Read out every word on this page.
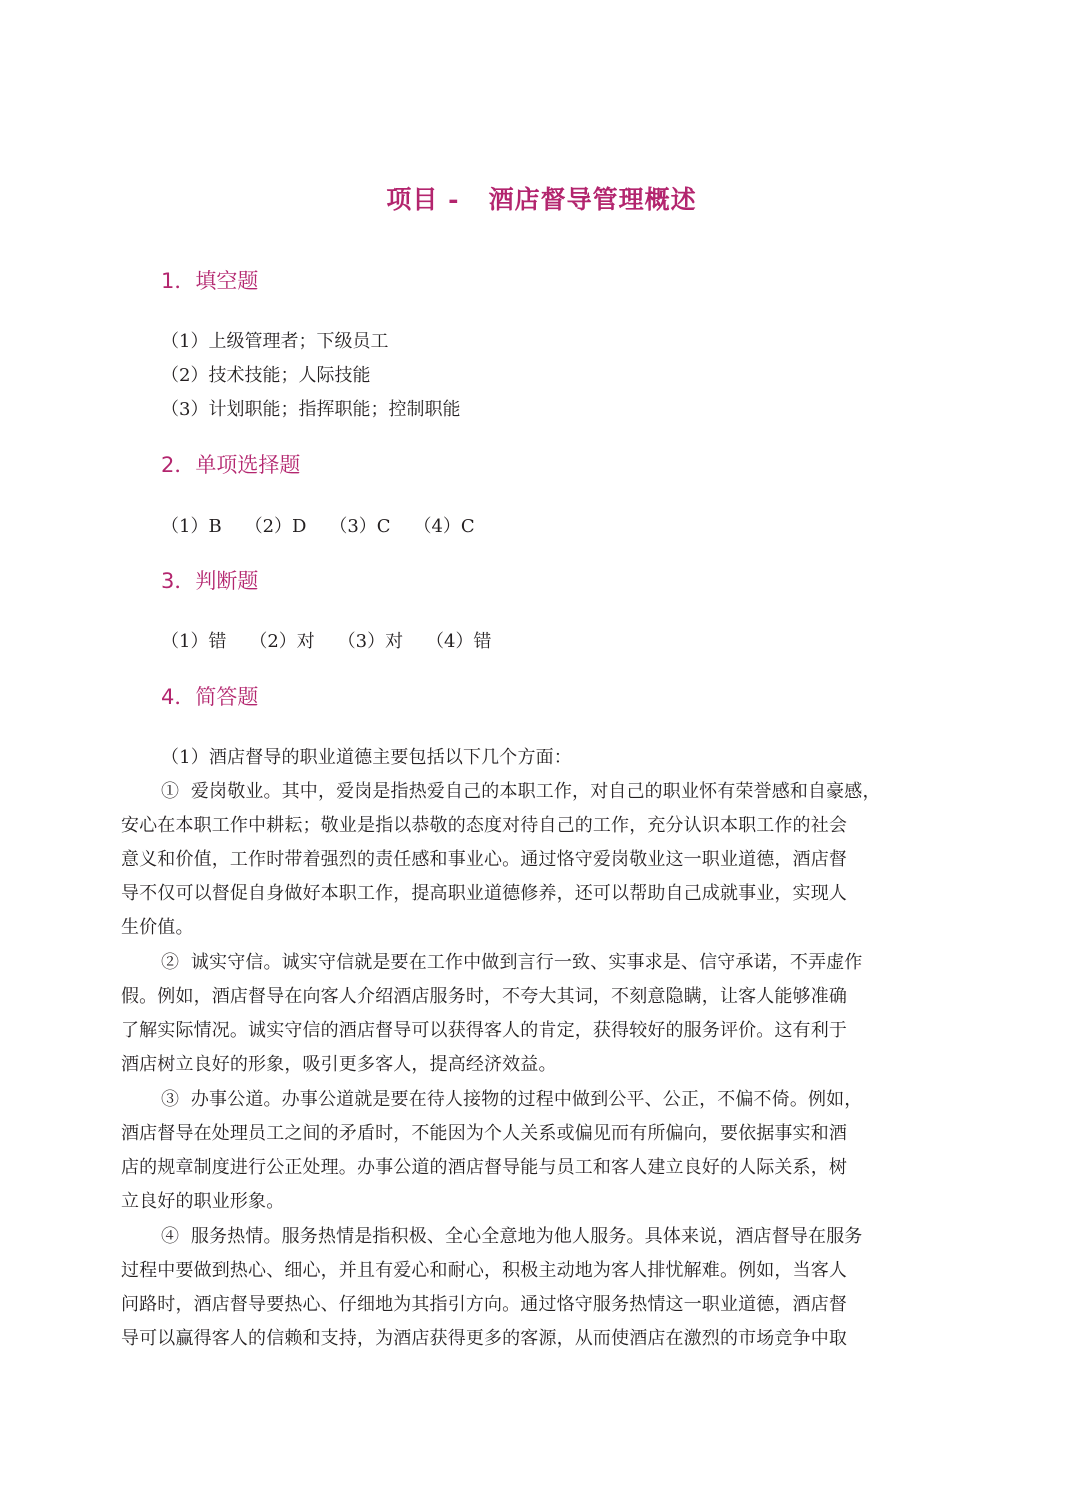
项目 -   酒店督导管理概述
1．填空题
（1）上级管理者；下级员工
（2）技术技能；人际技能
（3）计划职能；指挥职能；控制职能
2．单项选择题
（1）B    （2）D    （3）C    （4）C
3．判断题
（1）错    （2）对    （3）对    （4）错
4．简答题
（1）酒店督导的职业道德主要包括以下几个方面：
①  爱岗敬业。其中，爱岗是指热爱自己的本职工作，对自己的职业怀有荣誉感和自豪感，
安心在本职工作中耕耘；敬业是指以恭敬的态度对待自己的工作，充分认识本职工作的社会
意义和价值，工作时带着强烈的责任感和事业心。通过恪守爱岗敬业这一职业道德，酒店督
导不仅可以督促自身做好本职工作，提高职业道德修养，还可以帮助自己成就事业，实现人
生价值。
②  诚实守信。诚实守信就是要在工作中做到言行一致、实事求是、信守承诺，不弄虚作
假。例如，酒店督导在向客人介绍酒店服务时，不夸大其词，不刻意隐瞒，让客人能够准确
了解实际情况。诚实守信的酒店督导可以获得客人的肯定，获得较好的服务评价。这有利于
酒店树立良好的形象，吸引更多客人，提高经济效益。
③  办事公道。办事公道就是要在待人接物的过程中做到公平、公正，不偏不倚。例如，
酒店督导在处理员工之间的矛盾时，不能因为个人关系或偏见而有所偏向，要依据事实和酒
店的规章制度进行公正处理。办事公道的酒店督导能与员工和客人建立良好的人际关系，树
立良好的职业形象。
④  服务热情。服务热情是指积极、全心全意地为他人服务。具体来说，酒店督导在服务
过程中要做到热心、细心，并且有爱心和耐心，积极主动地为客人排忧解难。例如，当客人
问路时，酒店督导要热心、仔细地为其指引方向。通过恪守服务热情这一职业道德，酒店督
导可以赢得客人的信赖和支持，为酒店获得更多的客源，从而使酒店在激烈的市场竞争中取
